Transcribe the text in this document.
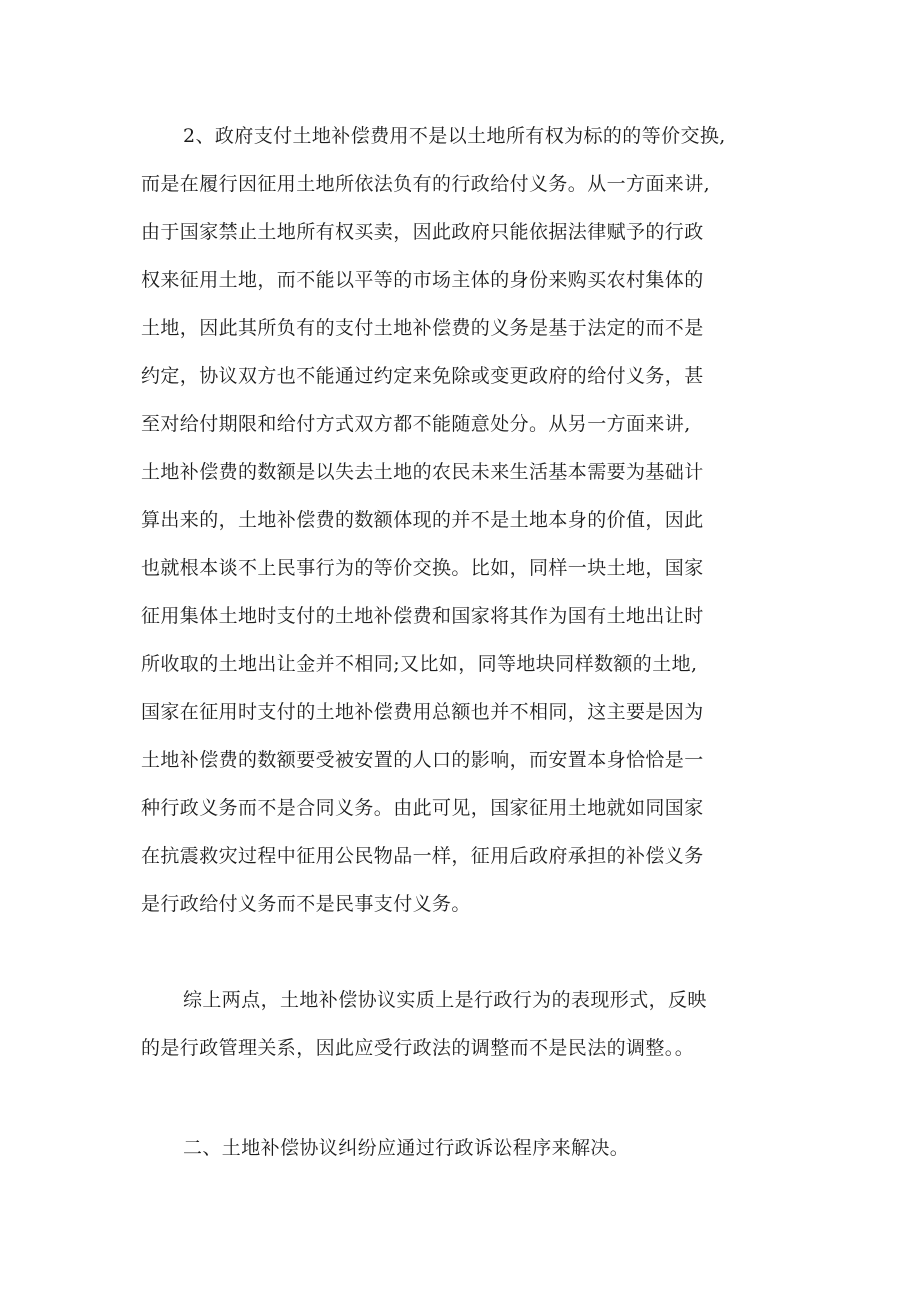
2、政府支付土地补偿费用不是以土地所有权为标的的等价交换,
而是在履行因征用土地所依法负有的行政给付义务。从一方面来讲,
由于国家禁止土地所有权买卖，因此政府只能依据法律赋予的行政
权来征用土地，而不能以平等的市场主体的身份来购买农村集体的
土地，因此其所负有的支付土地补偿费的义务是基于法定的而不是
约定，协议双方也不能通过约定来免除或变更政府的给付义务，甚
至对给付期限和给付方式双方都不能随意处分。从另一方面来讲,
土地补偿费的数额是以失去土地的农民未来生活基本需要为基础计
算出来的，土地补偿费的数额体现的并不是土地本身的价值，因此
也就根本谈不上民事行为的等价交换。比如，同样一块土地，国家
征用集体土地时支付的土地补偿费和国家将其作为国有土地出让时
所收取的土地出让金并不相同;又比如，同等地块同样数额的土地,
国家在征用时支付的土地补偿费用总额也并不相同，这主要是因为
土地补偿费的数额要受被安置的人口的影响，而安置本身恰恰是一
种行政义务而不是合同义务。由此可见，国家征用土地就如同国家
在抗震救灾过程中征用公民物品一样，征用后政府承担的补偿义务
是行政给付义务而不是民事支付义务。
综上两点，土地补偿协议实质上是行政行为的表现形式，反映
的是行政管理关系，因此应受行政法的调整而不是民法的调整。。
二、土地补偿协议纠纷应通过行政诉讼程序来解决。
